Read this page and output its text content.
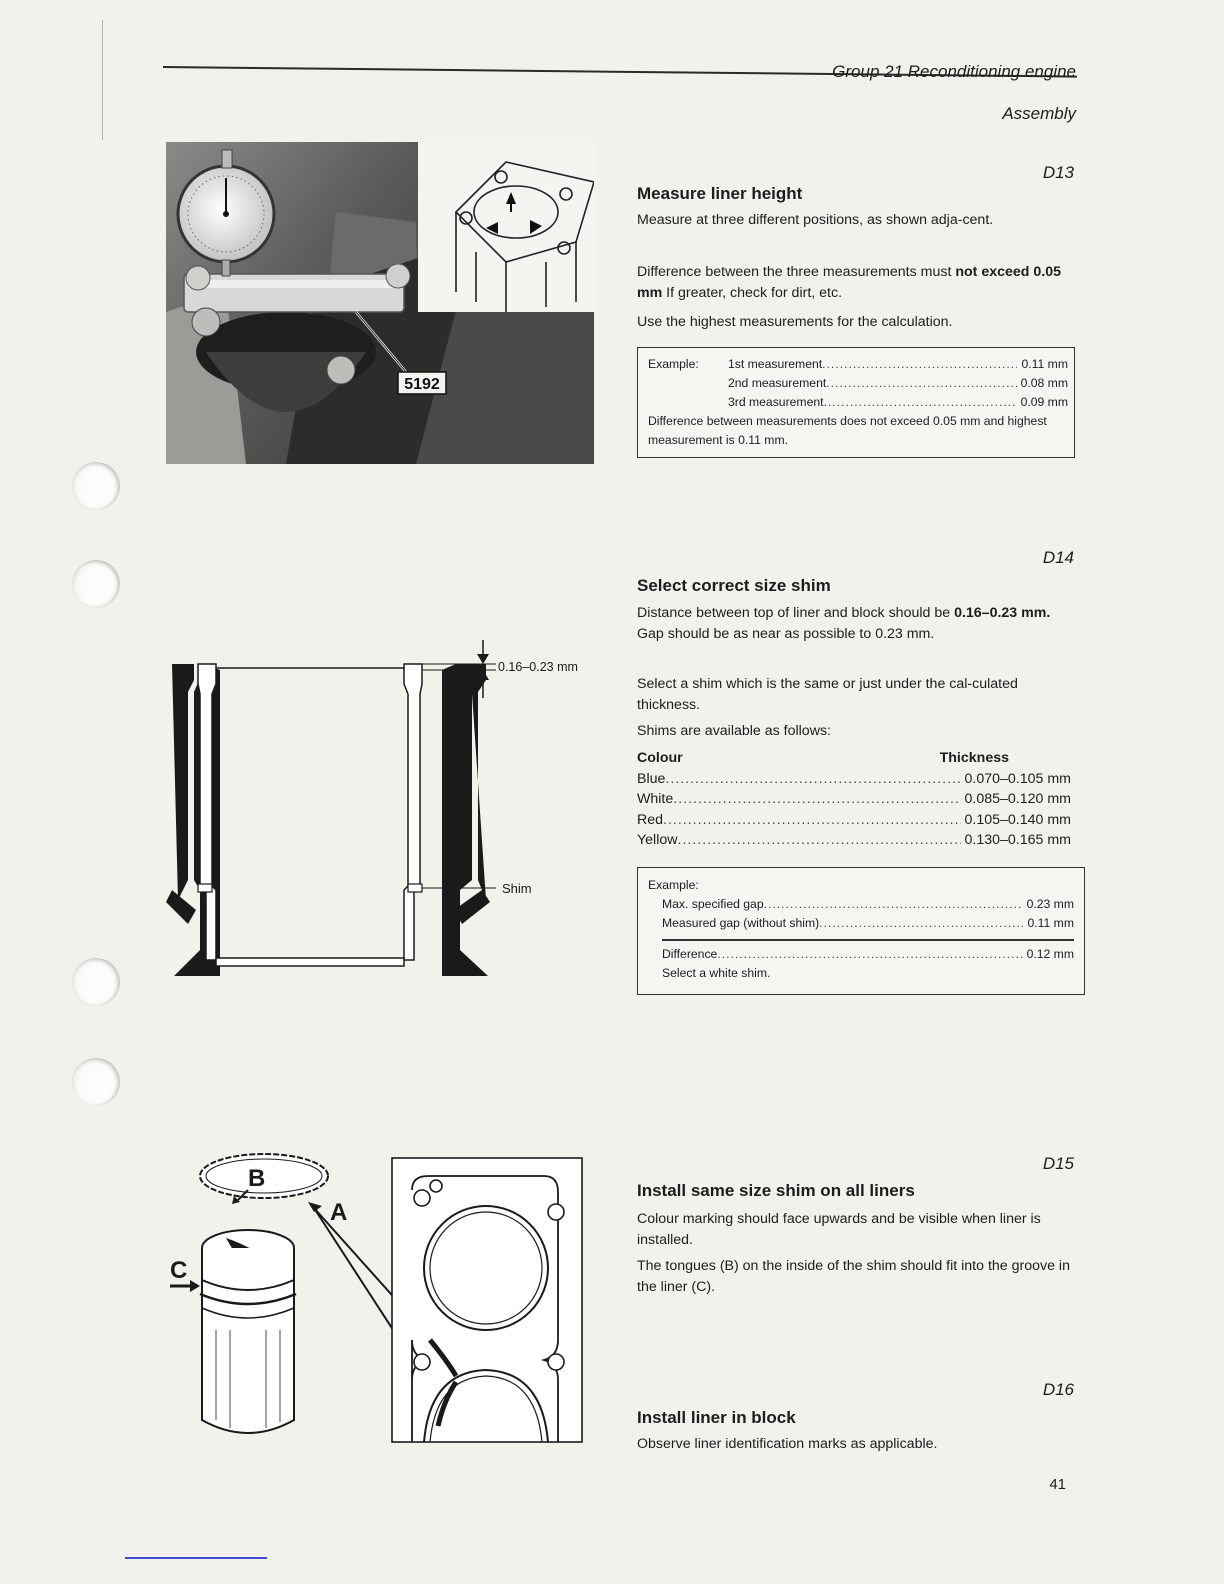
Group 21 Reconditioning engine
Assembly
5192
D13
Measure liner height
Measure at three different positions, as shown adja-cent.
Difference between the three measurements must not exceed 0.05 mm If greater, check for dirt, etc.
Use the highest measurements for the calculation.
Example:	1st measurement .....	0.11 mm
2nd measurement .....	0.08 mm
3rd measurement .....	0.09 mm
Difference between measurements does not exceed 0.05 mm and highest measurement is 0.11 mm.
0.16–0.23 mm
Shim
D14
Select correct size shim
Distance between top of liner and block should be 0.16–0.23 mm. Gap should be as near as possible to 0.23 mm.
Select a shim which is the same or just under the cal-culated thickness.
Shims are available as follows:
Colour	Thickness
Blue .....	0.070–0.105 mm
White .....	0.085–0.120 mm
Red .....	0.105–0.140 mm
Yellow .....	0.130–0.165 mm
Example:
Max. specified gap .....	0.23 mm
Measured gap (without shim) .....	0.11 mm
Difference .....	0.12 mm
Select a white shim.
B
A
C
D15
Install same size shim on all liners
Colour marking should face upwards and be visible when liner is installed.
The tongues (B) on the inside of the shim should fit into the groove in the liner (C).
D16
Install liner in block
Observe liner identification marks as applicable.
41
